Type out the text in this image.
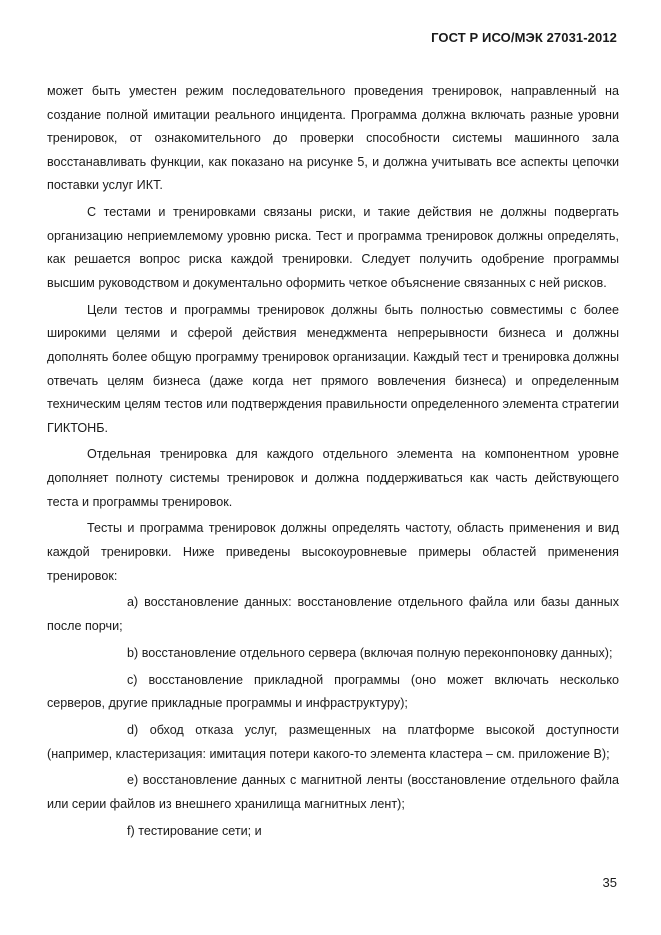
ГОСТ Р ИСО/МЭК 27031-2012

может быть уместен режим последовательного проведения тренировок, направленный на создание полной имитации реального инцидента. Программа должна включать разные уровни тренировок, от ознакомительного до проверки способности системы машинного зала восстанавливать функции, как показано на рисунке 5, и должна учитывать все аспекты цепочки поставки услуг ИКТ.

С тестами и тренировками связаны риски, и такие действия не должны подвергать организацию неприемлемому уровню риска. Тест и программа тренировок должны определять, как решается вопрос риска каждой тренировки. Следует получить одобрение программы высшим руководством и документально оформить четкое объяснение связанных с ней рисков.

Цели тестов и программы тренировок должны быть полностью совместимы с более широкими целями и сферой действия менеджмента непрерывности бизнеса и должны дополнять более общую программу тренировок организации. Каждый тест и тренировка должны отвечать целям бизнеса (даже когда нет прямого вовлечения бизнеса) и определенным техническим целям тестов или подтверждения правильности определенного элемента стратегии ГИКТОНБ.

Отдельная тренировка для каждого отдельного элемента на компонентном уровне дополняет полноту системы тренировок и должна поддерживаться как часть действующего теста и программы тренировок.

Тесты и программа тренировок должны определять частоту, область применения и вид каждой тренировки. Ниже приведены высокоуровневые примеры областей применения тренировок:

a) восстановление данных: восстановление отдельного файла или базы данных после порчи;

b) восстановление отдельного сервера (включая полную переконпоновку данных);

c) восстановление прикладной программы (оно может включать несколько серверов, другие прикладные программы и инфраструктуру);

d) обход отказа услуг, размещенных на платформе высокой доступности (например, кластеризация: имитация потери какого-то элемента кластера – см. приложение В);

e) восстановление данных с магнитной ленты (восстановление отдельного файла или серии файлов из внешнего хранилища магнитных лент);

f) тестирование сети; и

35
